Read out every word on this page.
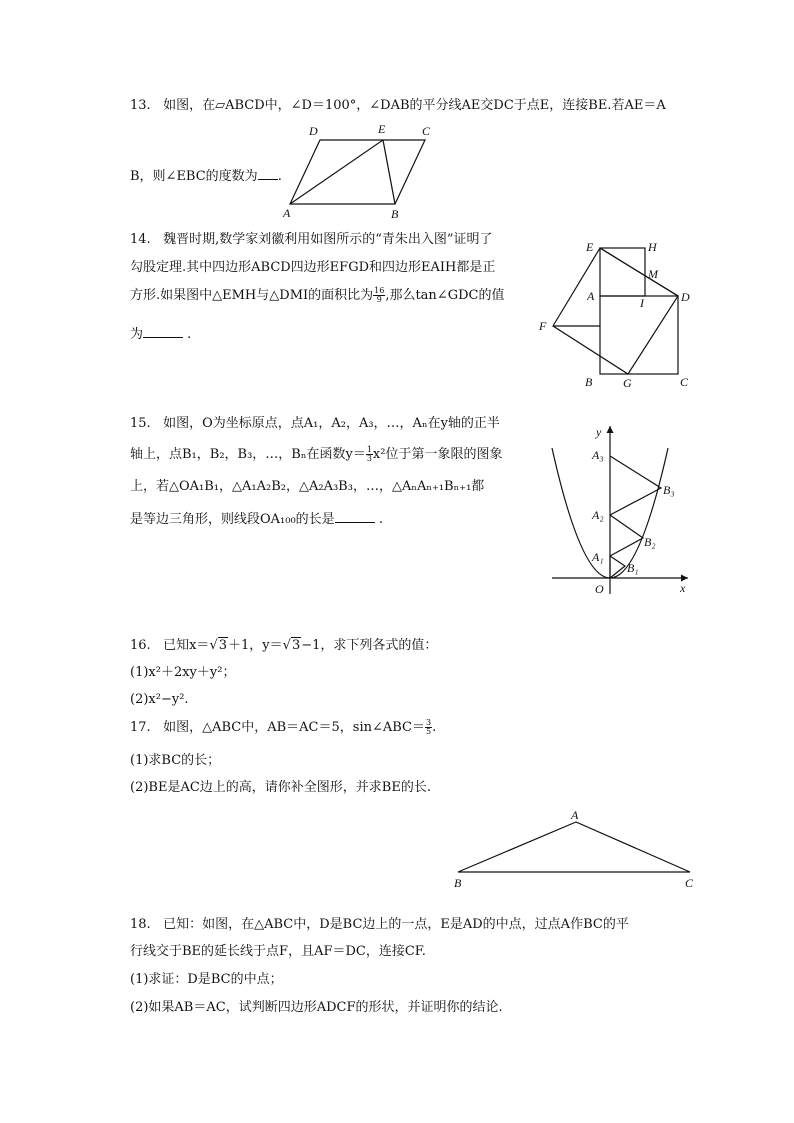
13. 如图，在▱ABCD中，∠D＝100°，∠DAB的平分线AE交DC于点E，连接BE.若AE＝A
B，则∠EBC的度数为 .
D	E	C
A	B
14. 魏晋时期,数学家刘徽利用如图所示的“青朱出入图”证明了
勾股定理.其中四边形ABCD四边形EFGD和四边形EAIH都是正
方形.如果图中△EMH与△DMI的面积比为 $\frac{16}{9}$ ,那么tan∠GDC的值
为	.
E	H
M
A	I	D
F
B	G	C
15. 如图，O为坐标原点，点A₁，A₂，A₃，…，Aₙ在y轴的正半
轴上，点B₁，B₂，B₃，…，Bₙ在函数$y= \frac{1}{3} x^2$位于第一象限的图象
上，若△OA₁B₁，△A₁A₂B₂，△A₂A₃B₃，…，△AₙAₙ₊₁Bₙ₊₁都
是等边三角形，则线段OA₁₀₀的长是	.
y
x
O
A₁
A₂
A₃
B₁
B₂
B₃
16. 已知x＝√3＋1，y＝√3−1，求下列各式的值：
(1)x²＋2xy＋y²；
(2)x²−y².
17. 如图，△ABC中，AB＝AC＝5，sin∠ABC＝ $\frac{3}{5}$ .
(1)求BC的长；
(2)BE是AC边上的高，请你补全图形，并求BE的长.
A
B	C
18. 已知：如图，在△ABC中，D是BC边上的一点，E是AD的中点，过点A作BC的平
行线交于BE的延长线于点F，且AF＝DC，连接CF.
(1)求证：D是BC的中点；
(2)如果AB＝AC，试判断四边形ADCF的形状，并证明你的结论.
